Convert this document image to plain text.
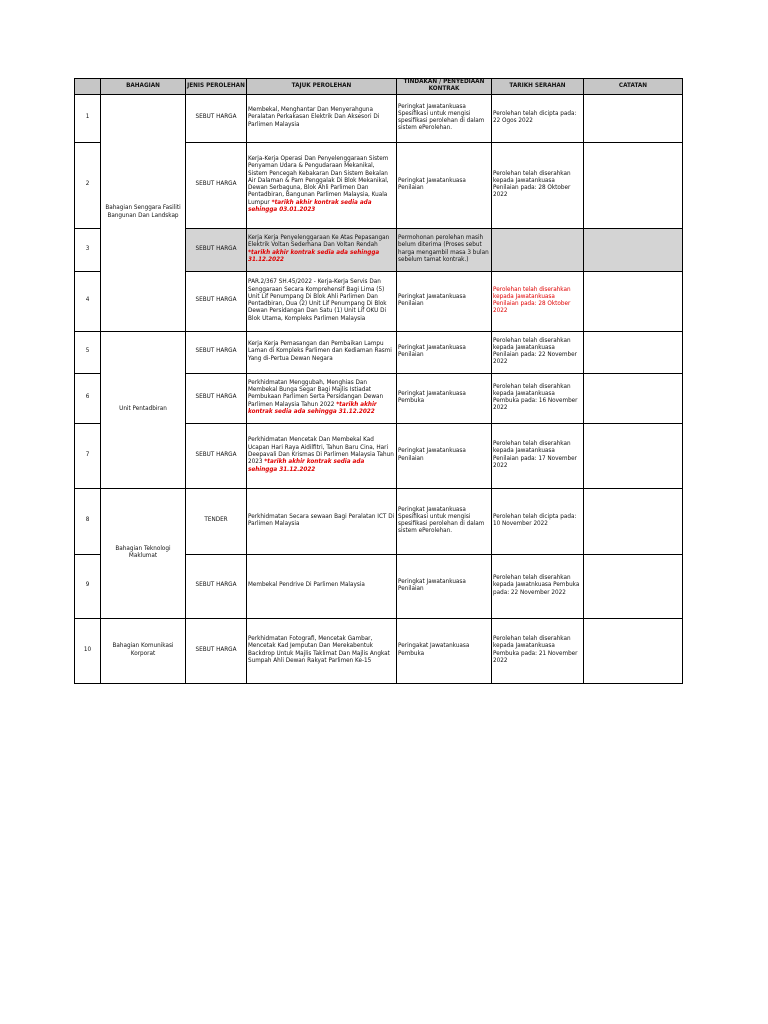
	BAHAGIAN	JENIS PEROLEHAN	TAJUK PEROLEHAN	TINDAKAN / PENYEDIAAN KONTRAK	TARIKH SERAHAN	CATATAN
1	Bahagian Senggara Fasiliti Bangunan Dan Landskap	SEBUT HARGA	Membekal, Menghantar Dan Menyerahguna Peralatan Perkakasan Elektrik Dan Aksesori Di Parlimen Malaysia	Peringkat Jawatankuasa Spesifikasi untuk mengisi spesifikasi perolehan di dalam sistem ePerolehan.	Perolehan telah dicipta pada: 22 Ogos 2022	
2		SEBUT HARGA	Kerja-Kerja Operasi Dan Penyelenggaraan Sistem Penyaman Udara & Pengudaraan Mekanikal, Sistem Pencegah Kebakaran Dan Sistem Bekalan Air Dalaman & Pam Penggalak Di Blok Mekanikal, Dewan Serbaguna, Blok Ahli Parlimen Dan Pentadbiran, Bangunan Parlimen Malaysia, Kuala Lumpur *tarikh akhir kontrak sedia ada sehingga 03.01.2023	Peringkat Jawatankuasa Penilaian	Perolehan telah diserahkan kepada Jawatankuasa Penilaian pada: 28 Oktober 2022	
3		SEBUT HARGA	Kerja Kerja Penyelenggaraan Ke Atas Pepasangan Elektrik Voltan Sederhana Dan Voltan Rendah *tarikh akhir kontrak sedia ada sehingga 31.12.2022	Permohonan perolehan masih belum diterima (Proses sebut harga mengambil masa 3 bulan sebelum tamat kontrak.)		
4		SEBUT HARGA	PAR.2/367 SH.45/2022 - Kerja-Kerja Servis Dan Senggaraan Secara Komprehensif Bagi Lima (5) Unit Lif Penumpang Di Blok Ahli Parlimen Dan Pentadbiran, Dua (2) Unit Lif Penumpang Di Blok Dewan Persidangan Dan Satu (1) Unit Lif OKU Di Blok Utama, Kompleks Parlimen Malaysia	Peringkat Jawatankuasa Penilaian	Perolehan telah diserahkan kepada Jawatankuasa Penilaian pada: 28 Oktober 2022	
5	Unit Pentadbiran	SEBUT HARGA	Kerja Kerja Pemasangan dan Pembaikan Lampu Laman di Kompleks Parlimen dan Kediaman Rasmi Yang di-Pertua Dewan Negara	Peringkat Jawatankuasa Penilaian	Perolehan telah diserahkan kepada Jawatankuasa Penilaian pada: 22 November 2022	
6		SEBUT HARGA	Perkhidmatan Menggubah, Menghias Dan Membekal Bunga Segar Bagi Majlis Istiadat Pembukaan Parlimen Serta Persidangan Dewan Parlimen Malaysia Tahun 2022 *tarikh akhir kontrak sedia ada sehingga 31.12.2022	Peringkat Jawatankuasa Pembuka	Perolehan telah diserahkan kepada Jawatankuasa Pembuka pada: 16 November 2022	
7		SEBUT HARGA	Perkhidmatan Mencetak Dan Membekal Kad Ucapan Hari Raya Aidilfitri, Tahun Baru Cina, Hari Deepavali Dan Krismas Di Parlimen Malaysia Tahun 2023 *tarikh akhir kontrak sedia ada sehingga 31.12.2022	Peringkat Jawatankuasa Penilaian	Perolehan telah diserahkan kepada Jawatankuasa Penilaian pada: 17 November 2022	
8	Bahagian Teknologi Maklumat	TENDER	Perkhidmatan Secara sewaan Bagi Peralatan ICT Di Parlimen Malaysia	Peringkat Jawatankuasa Spesifikasi untuk mengisi spesifikasi perolehan di dalam sistem ePerolehan.	Perolehan telah dicipta pada: 10 November 2022	
9		SEBUT HARGA	Membekal Pendrive Di Parlimen Malaysia	Peringkat Jawatankuasa Penilaian	Perolehan telah diserahkan kepada Jawatnkuasa Pembuka pada: 22 November 2022	
10	Bahagian Komunikasi Korporat	SEBUT HARGA	Perkhidmatan Fotografi, Mencetak Gambar, Mencetak Kad Jemputan Dan Merekabentuk Backdrop Untuk Majlis Taklimat Dan Majlis Angkat Sumpah Ahli Dewan Rakyat Parlimen Ke-15	Peringakat Jawatankuasa Pembuka	Perolehan telah diserahkan kepada Jawatankuasa Pembuka pada: 21 November 2022	
